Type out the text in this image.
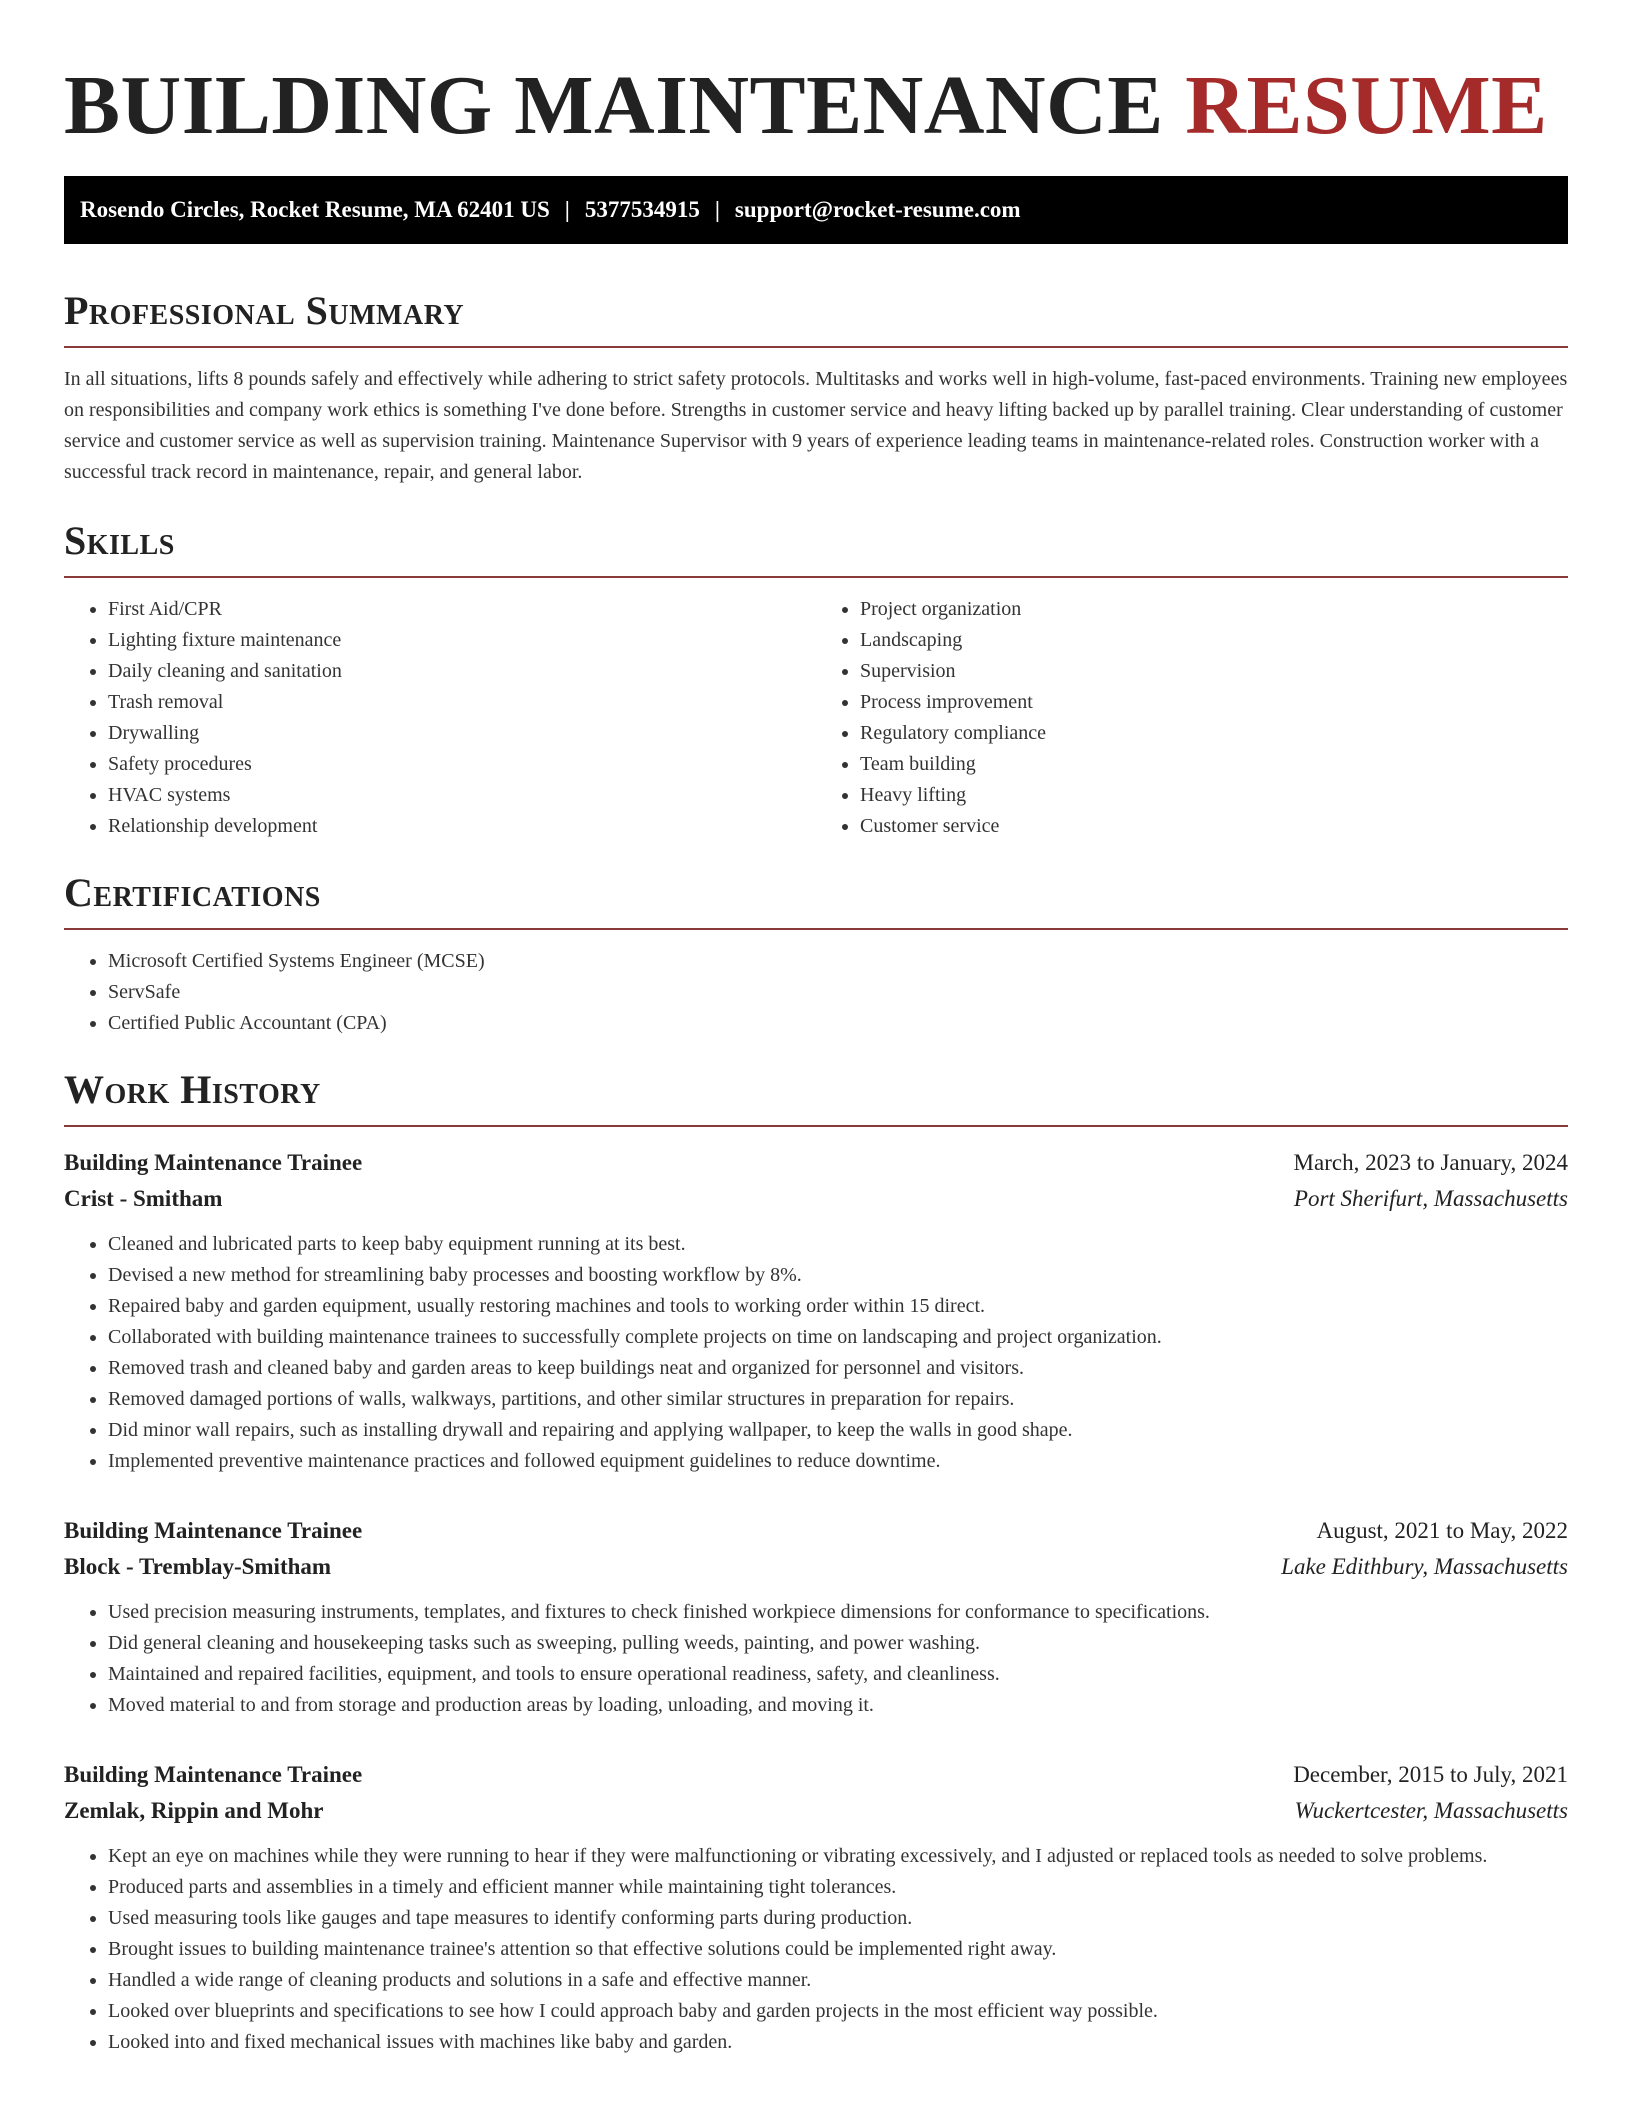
BUILDING MAINTENANCE RESUME
Rosendo Circles, Rocket Resume, MA 62401 US | 5377534915 | support@rocket-resume.com
Professional Summary

In all situations, lifts 8 pounds safely and effectively while adhering to strict safety protocols. Multitasks and works well in high-volume, fast-paced environments. Training new employees on responsibilities and company work ethics is something I've done before. Strengths in customer service and heavy lifting backed up by parallel training. Clear understanding of customer service and customer service as well as supervision training. Maintenance Supervisor with 9 years of experience leading teams in maintenance-related roles. Construction worker with a successful track record in maintenance, repair, and general labor.

Skills
• First Aid/CPR
• Lighting fixture maintenance
• Daily cleaning and sanitation
• Trash removal
• Drywalling
• Safety procedures
• HVAC systems
• Relationship development
• Project organization
• Landscaping
• Supervision
• Process improvement
• Regulatory compliance
• Team building
• Heavy lifting
• Customer service
Certifications
• Microsoft Certified Systems Engineer (MCSE)
• ServSafe
• Certified Public Accountant (CPA)
Work History
Building Maintenance Trainee	March, 2023 to January, 2024
Crist - Smitham	Port Sherifurt, Massachusetts
• Cleaned and lubricated parts to keep baby equipment running at its best.
• Devised a new method for streamlining baby processes and boosting workflow by 8%.
• Repaired baby and garden equipment, usually restoring machines and tools to working order within 15 direct.
• Collaborated with building maintenance trainees to successfully complete projects on time on landscaping and project organization.
• Removed trash and cleaned baby and garden areas to keep buildings neat and organized for personnel and visitors.
• Removed damaged portions of walls, walkways, partitions, and other similar structures in preparation for repairs.
• Did minor wall repairs, such as installing drywall and repairing and applying wallpaper, to keep the walls in good shape.
• Implemented preventive maintenance practices and followed equipment guidelines to reduce downtime.
Building Maintenance Trainee	August, 2021 to May, 2022
Block - Tremblay-Smitham	Lake Edithbury, Massachusetts
• Used precision measuring instruments, templates, and fixtures to check finished workpiece dimensions for conformance to specifications.
• Did general cleaning and housekeeping tasks such as sweeping, pulling weeds, painting, and power washing.
• Maintained and repaired facilities, equipment, and tools to ensure operational readiness, safety, and cleanliness.
• Moved material to and from storage and production areas by loading, unloading, and moving it.
Building Maintenance Trainee	December, 2015 to July, 2021
Zemlak, Rippin and Mohr	Wuckertcester, Massachusetts
• Kept an eye on machines while they were running to hear if they were malfunctioning or vibrating excessively, and I adjusted or replaced tools as needed to solve problems.
• Produced parts and assemblies in a timely and efficient manner while maintaining tight tolerances.
• Used measuring tools like gauges and tape measures to identify conforming parts during production.
• Brought issues to building maintenance trainee's attention so that effective solutions could be implemented right away.
• Handled a wide range of cleaning products and solutions in a safe and effective manner.
• Looked over blueprints and specifications to see how I could approach baby and garden projects in the most efficient way possible.
• Looked into and fixed mechanical issues with machines like baby and garden.
